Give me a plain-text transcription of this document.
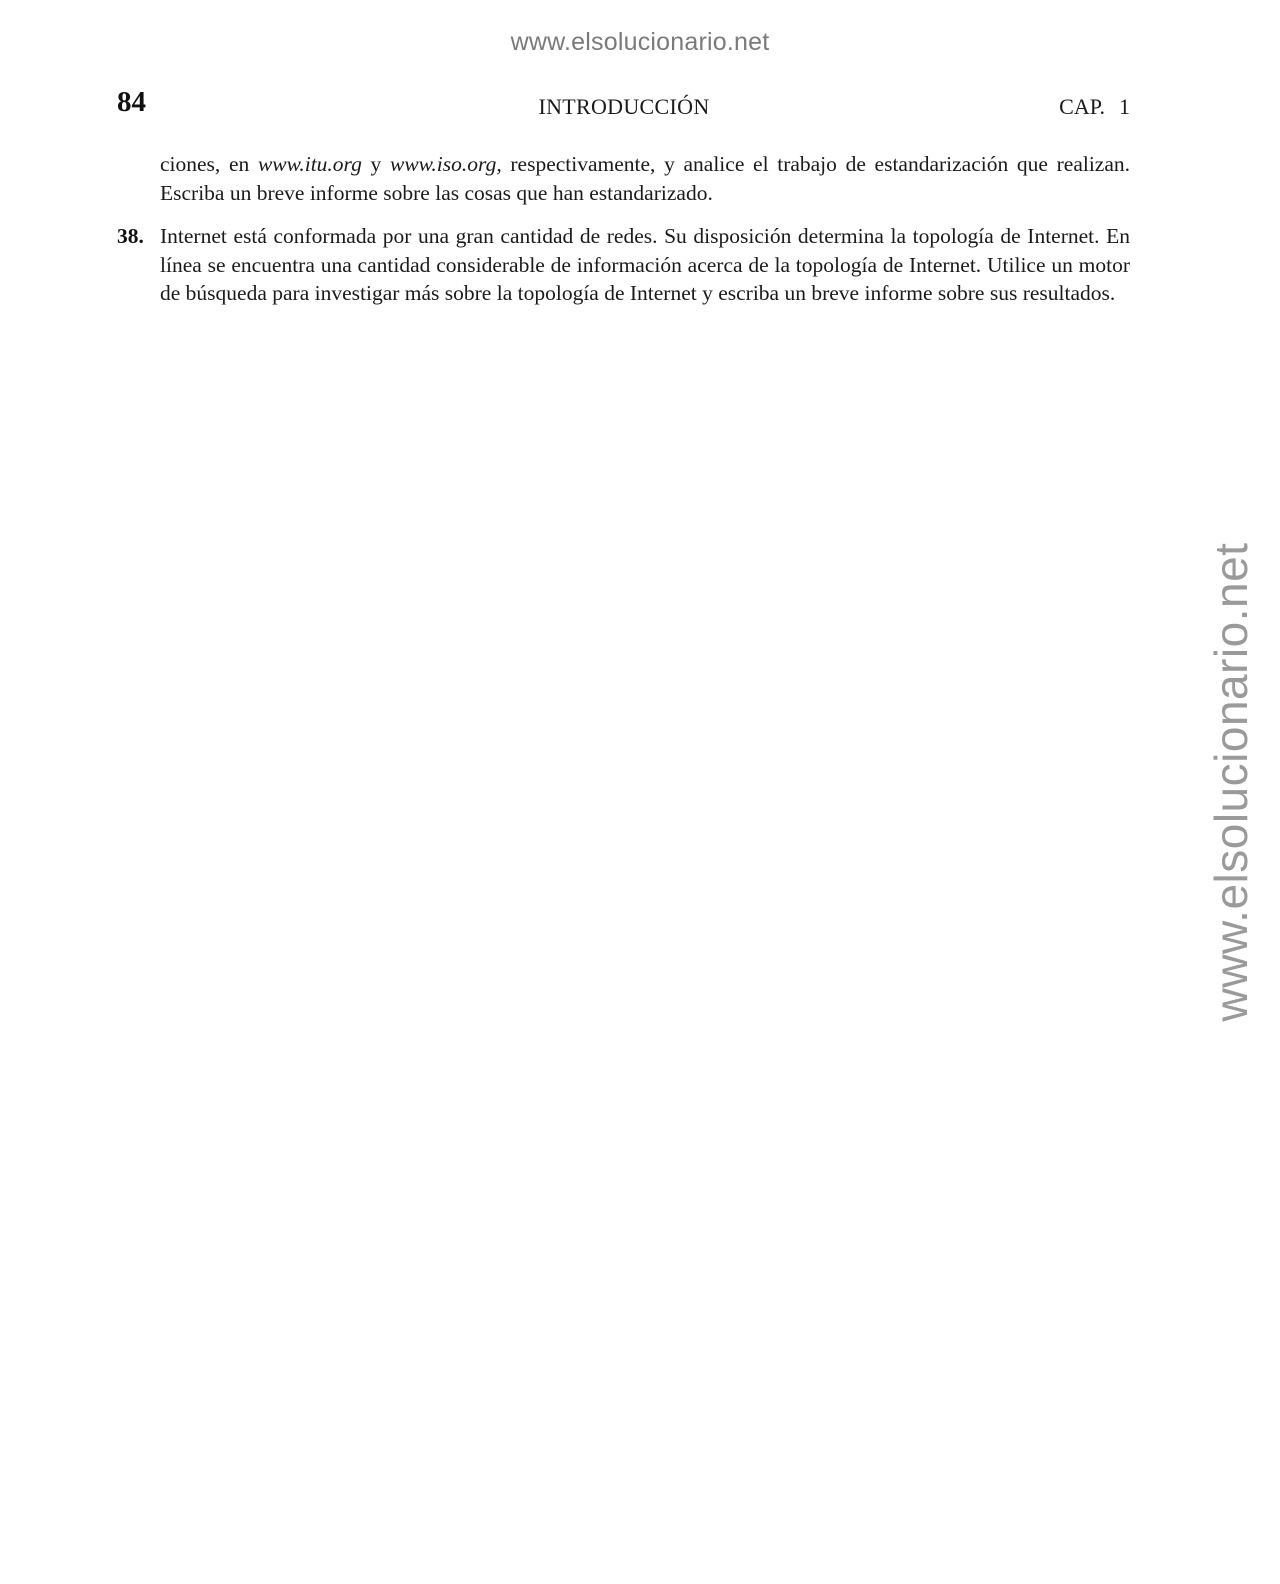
www.elsolucionario.net
www.elsolucionario.net
84	INTRODUCCIÓN	CAP. 1
ciones, en www.itu.org y www.iso.org, respectivamente, y analice el trabajo de estandarización que realizan. Escriba un breve informe sobre las cosas que han estandarizado.
38. Internet está conformada por una gran cantidad de redes. Su disposición determina la topología de Internet. En línea se encuentra una cantidad considerable de información acerca de la topología de Internet. Utilice un motor de búsqueda para investigar más sobre la topología de Internet y escriba un breve informe sobre sus resultados.
